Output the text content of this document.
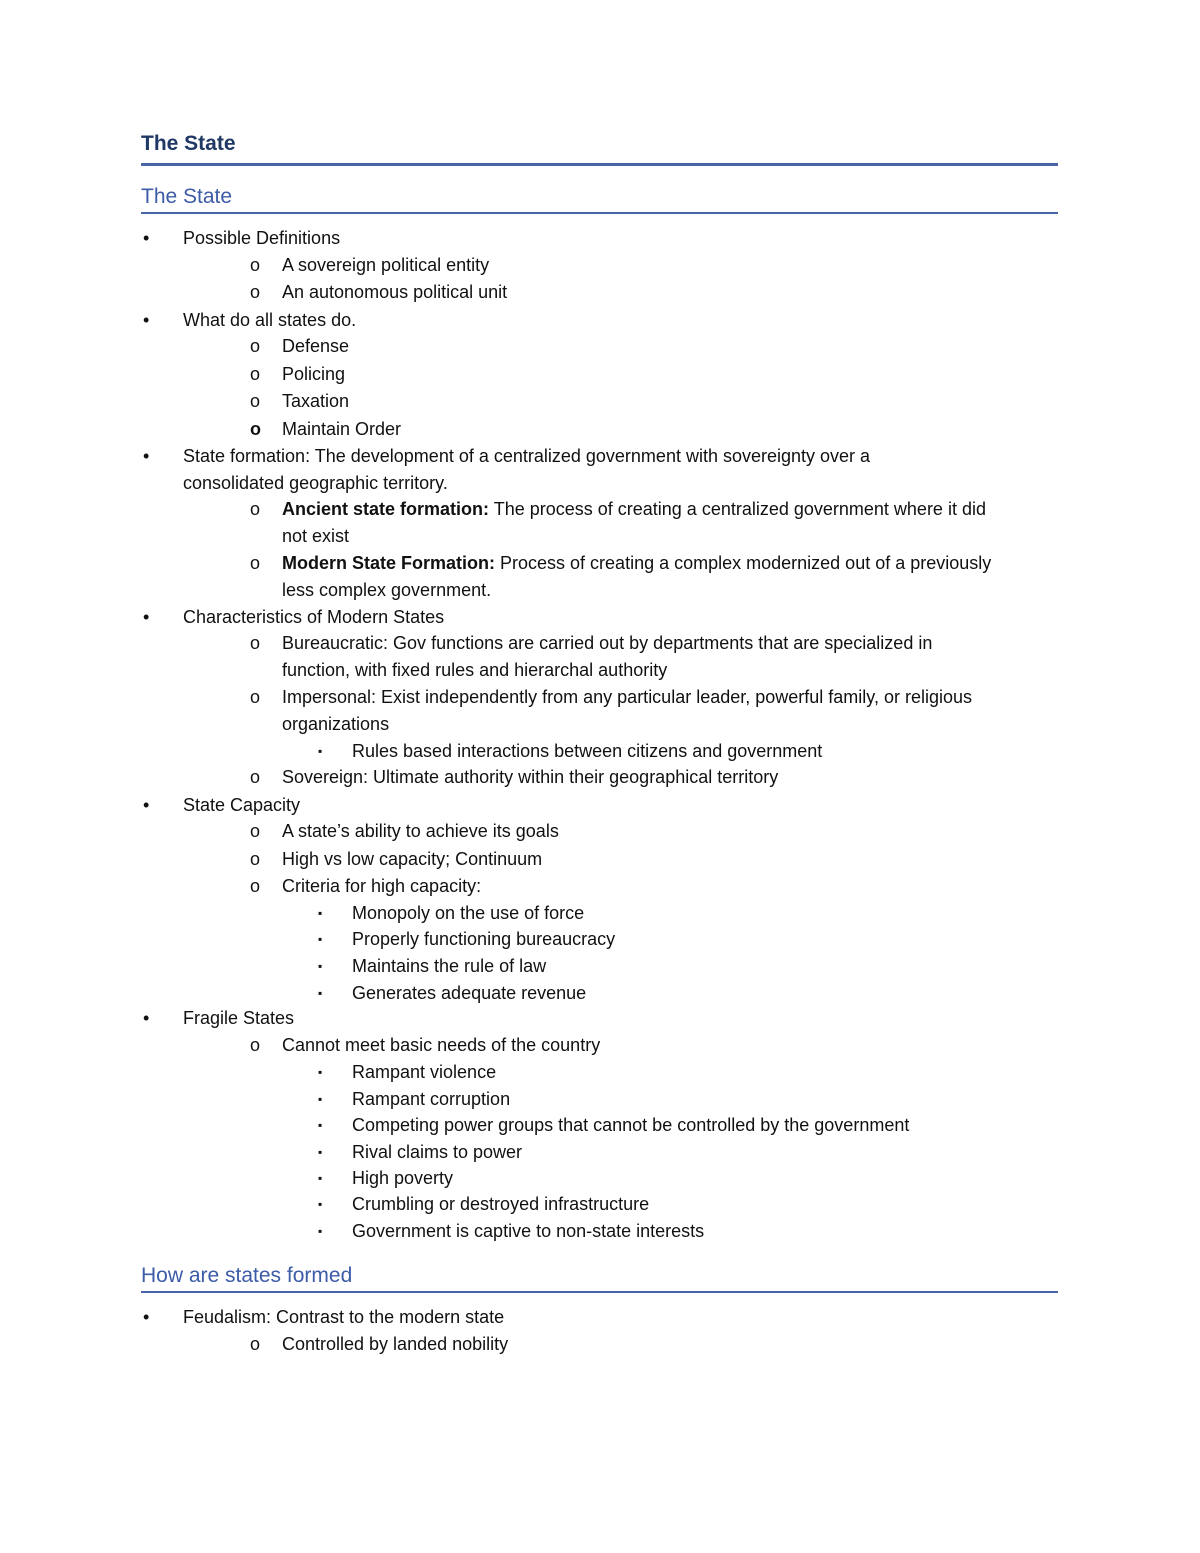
The State
The State
• Possible Definitions
o A sovereign political entity
o An autonomous political unit
• What do all states do.
o Defense
o Policing
o Taxation
o Maintain Order
• State formation: The development of a centralized government with sovereignty over a
consolidated geographic territory.
o Ancient state formation: The process of creating a centralized government where it did
not exist
o Modern State Formation: Process of creating a complex modernized out of a previously
less complex government.
• Characteristics of Modern States
o Bureaucratic: Gov functions are carried out by departments that are specialized in
function, with fixed rules and hierarchal authority
o Impersonal: Exist independently from any particular leader, powerful family, or religious
organizations
▪ Rules based interactions between citizens and government
o Sovereign: Ultimate authority within their geographical territory
• State Capacity
o A state’s ability to achieve its goals
o High vs low capacity; Continuum
o Criteria for high capacity:
▪ Monopoly on the use of force
▪ Properly functioning bureaucracy
▪ Maintains the rule of law
▪ Generates adequate revenue
• Fragile States
o Cannot meet basic needs of the country
▪ Rampant violence
▪ Rampant corruption
▪ Competing power groups that cannot be controlled by the government
▪ Rival claims to power
▪ High poverty
▪ Crumbling or destroyed infrastructure
▪ Government is captive to non-state interests
How are states formed
• Feudalism: Contrast to the modern state
o Controlled by landed nobility
